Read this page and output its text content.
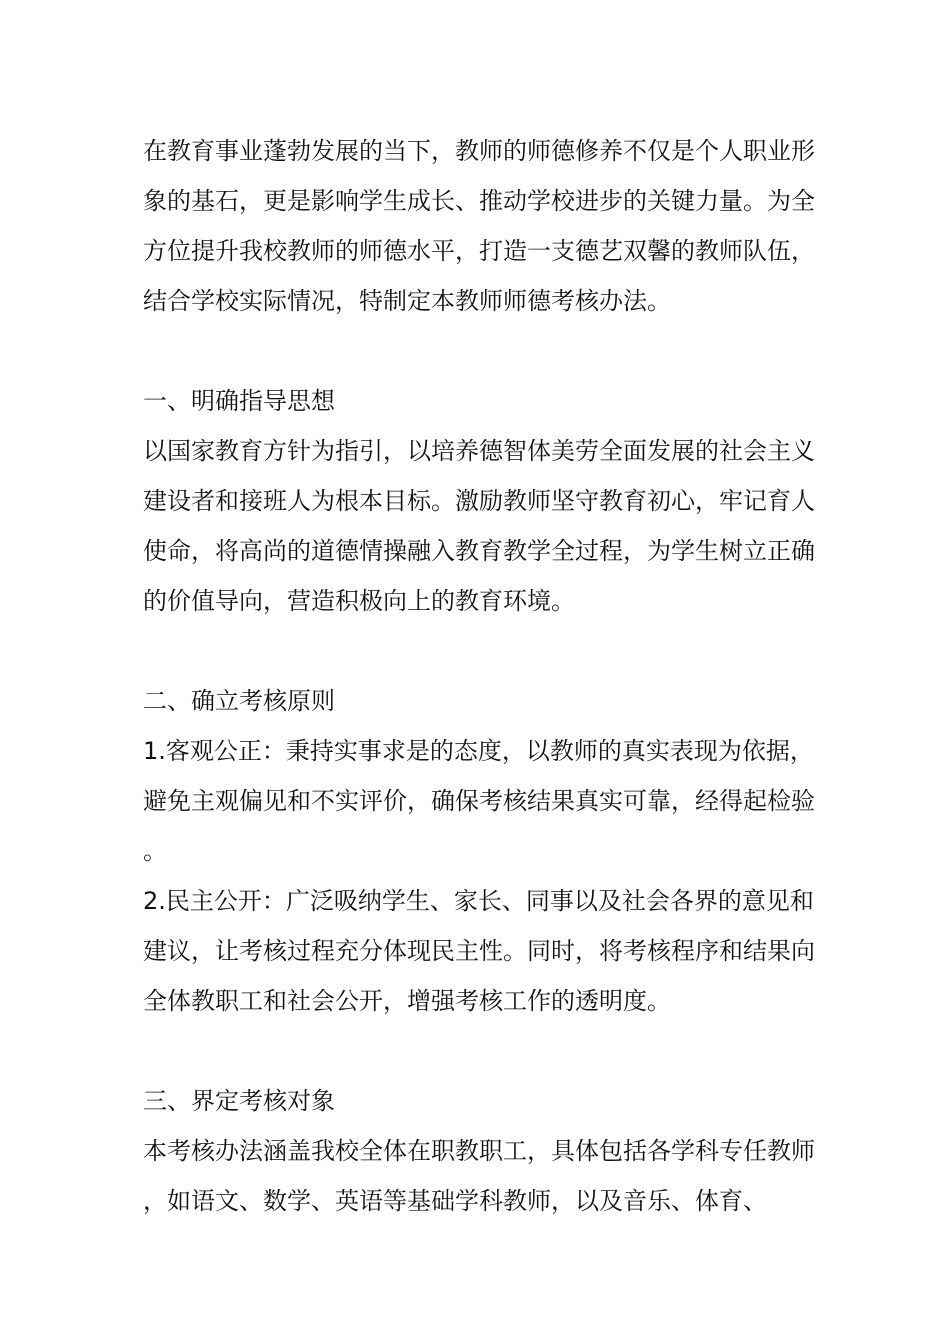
在教育事业蓬勃发展的当下，教师的师德修养不仅是个人职业形象的基石，更是影响学生成长、推动学校进步的关键力量。为全方位提升我校教师的师德水平，打造一支德艺双馨的教师队伍，结合学校实际情况，特制定本教师师德考核办法。

一、明确指导思想

以国家教育方针为指引，以培养德智体美劳全面发展的社会主义建设者和接班人为根本目标。激励教师坚守教育初心，牢记育人使命，将高尚的道德情操融入教育教学全过程，为学生树立正确的价值导向，营造积极向上的教育环境。

二、确立考核原则

1.客观公正：秉持实事求是的态度，以教师的真实表现为依据，避免主观偏见和不实评价，确保考核结果真实可靠，经得起检验。

2.民主公开：广泛吸纳学生、家长、同事以及社会各界的意见和建议，让考核过程充分体现民主性。同时，将考核程序和结果向全体教职工和社会公开，增强考核工作的透明度。

三、界定考核对象

本考核办法涵盖我校全体在职教职工，具体包括各学科专任教师，如语文、数学、英语等基础学科教师，以及音乐、体育、
